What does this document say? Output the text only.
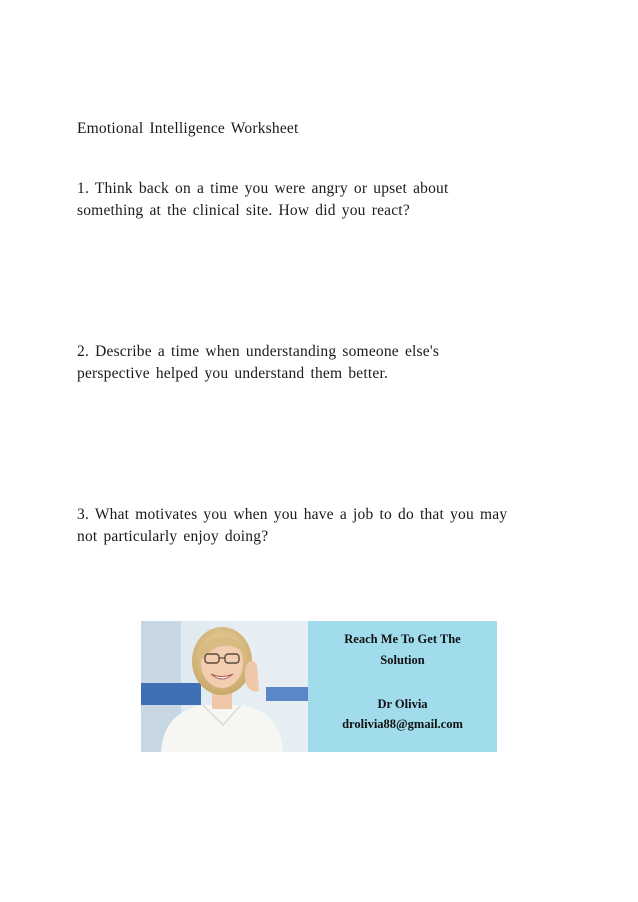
Emotional Intelligence Worksheet

1. Think back on a time you were angry or upset about

something at the clinical site. How did you react?

2. Describe a time when understanding someone else's

perspective helped you understand them better.

3. What motivates you when you have a job to do that you may

not particularly enjoy doing?

Reach Me To Get The

Solution

Dr Olivia

drolivia88@gmail.com
